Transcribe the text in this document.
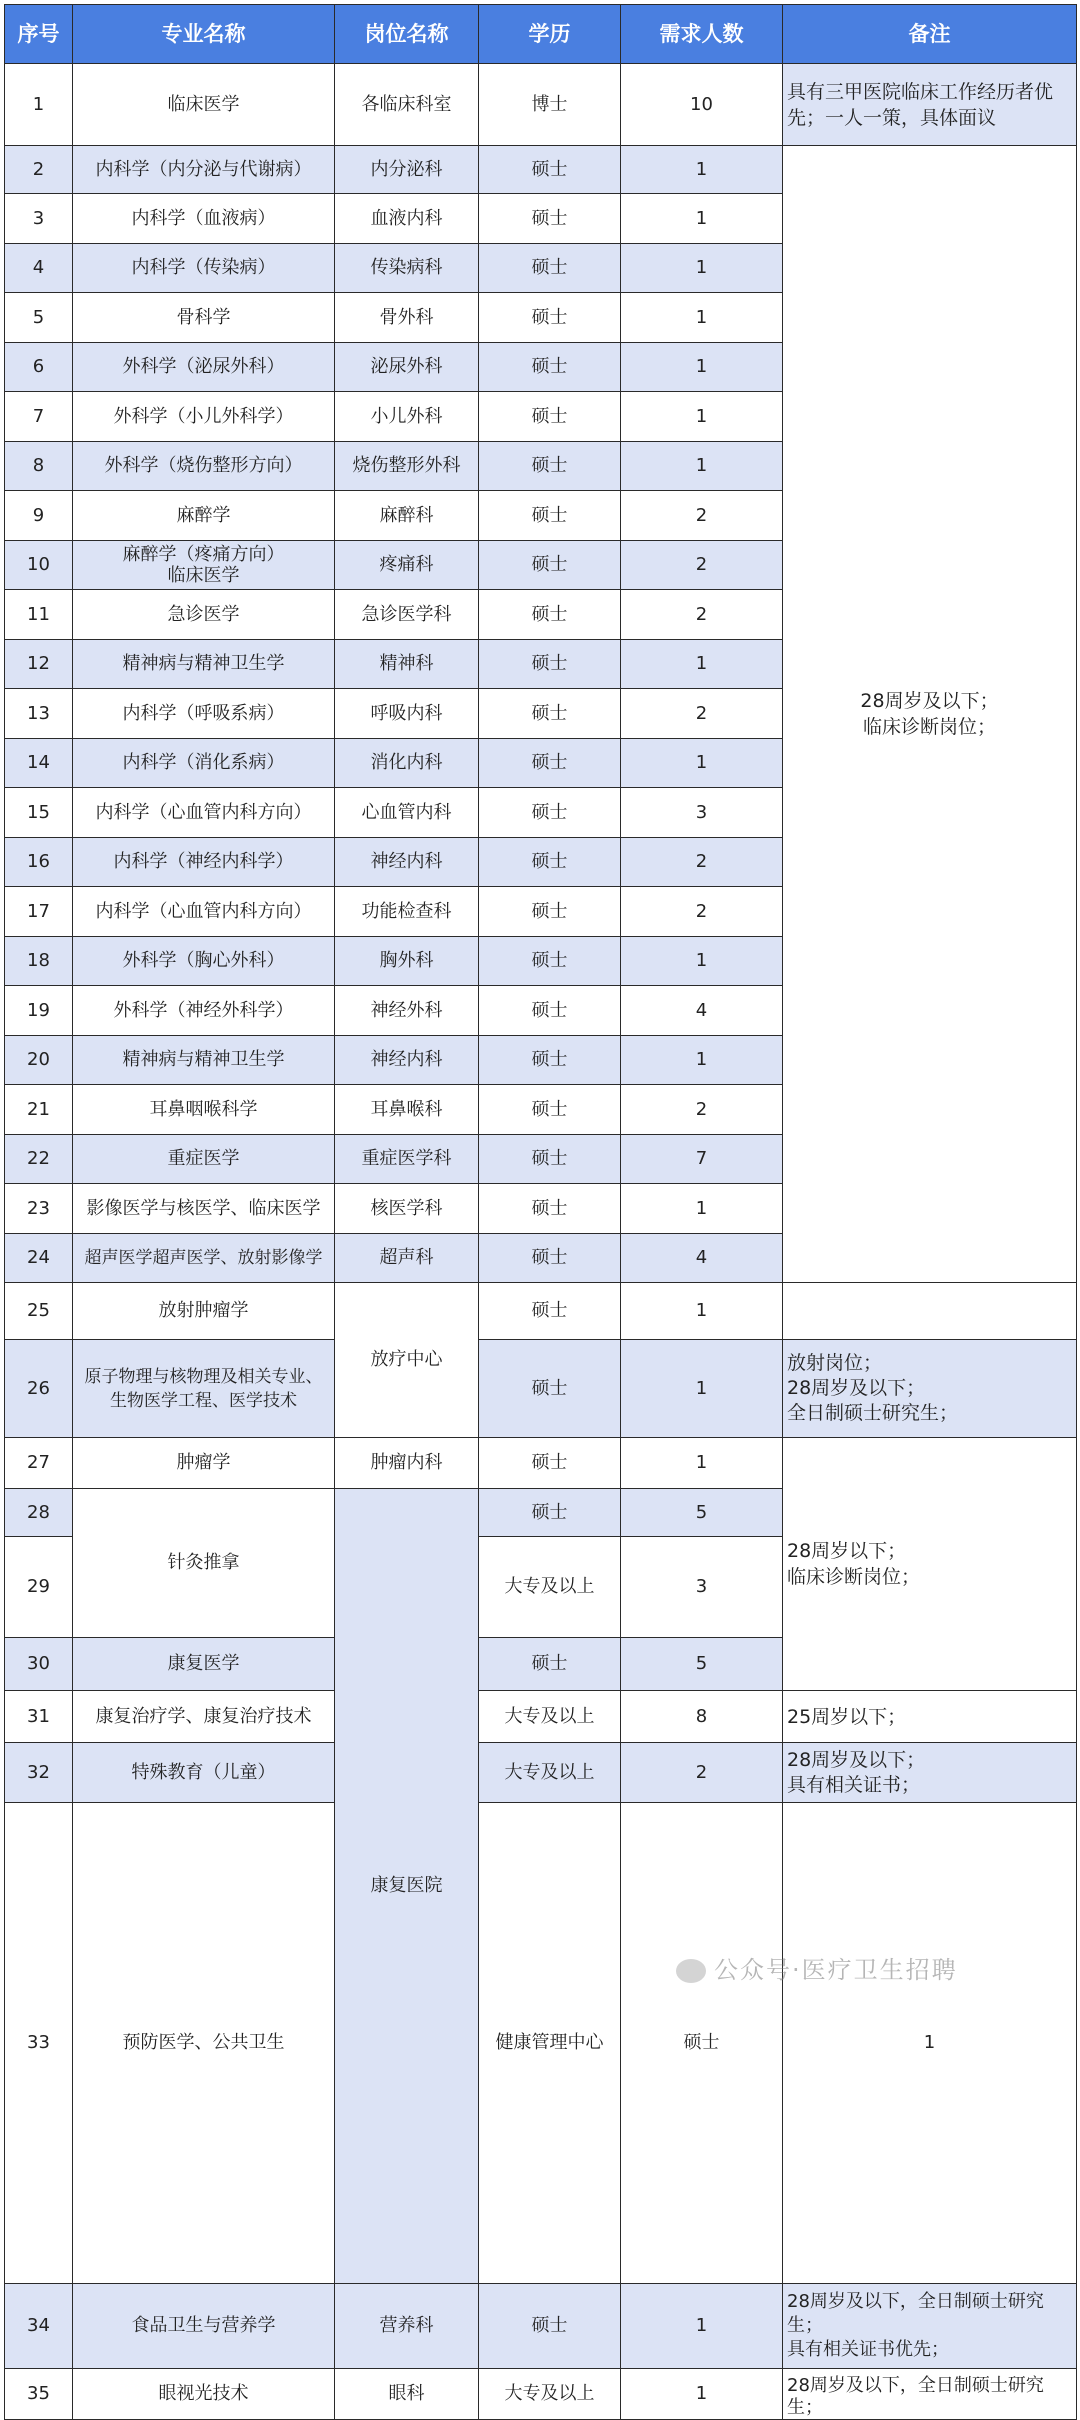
序号	专业名称	岗位名称	学历	需求人数	备注	
1	临床医学	各临床科室	博士	10	具有三甲医院临床工作经历者优先；一人一策，具体面议	
2	内科学（内分泌与代谢病）	内分泌科	硕士	1	28周岁及以下；
临床诊断岗位；	
3	内科学（血液病）	血液内科	硕士	1		
4	内科学（传染病）	传染病科	硕士	1		
5	骨科学	骨外科	硕士	1		
6	外科学（泌尿外科）	泌尿外科	硕士	1		
7	外科学（小儿外科学）	小儿外科	硕士	1		
8	外科学（烧伤整形方向）	烧伤整形外科	硕士	1		
9	麻醉学	麻醉科	硕士	2		
10	麻醉学（疼痛方向）
临床医学	疼痛科	硕士	2		
11	急诊医学	急诊医学科	硕士	2		
12	精神病与精神卫生学	精神科	硕士	1		
13	内科学（呼吸系病）	呼吸内科	硕士	2		
14	内科学（消化系病）	消化内科	硕士	1		
15	内科学（心血管内科方向）	心血管内科	硕士	3		
16	内科学（神经内科学）	神经内科	硕士	2		
17	内科学（心血管内科方向）	功能检查科	硕士	2		
18	外科学（胸心外科）	胸外科	硕士	1		
19	外科学（神经外科学）	神经外科	硕士	4		
20	精神病与精神卫生学	神经内科	硕士	1		
21	耳鼻咽喉科学	耳鼻喉科	硕士	2		
22	重症医学	重症医学科	硕士	7		
23	影像医学与核医学、临床医学	核医学科	硕士	1		
24	超声医学超声医学、放射影像学	超声科	硕士	4		
25	放射肿瘤学	放疗中心	硕士	1		
26	原子物理与核物理及相关专业、
生物医学工程、医学技术		硕士	1	放射岗位；
28周岁及以下；
全日制硕士研究生；	
27	肿瘤学	肿瘤内科	硕士	1	28周岁以下；
临床诊断岗位；	
28	针灸推拿	康复医院	硕士	5		
29			大专及以上	3		
30	康复医学		硕士	5		
31	康复治疗学、康复治疗技术		大专及以上	8	25周岁以下；	
32	特殊教育（儿童）		大专及以上	2	28周岁及以下；
具有相关证书；	
33	预防医学、公共卫生		健康管理中心	硕士	1	
34	食品卫生与营养学	营养科	硕士	1	28周岁及以下，全日制硕士研究生；
具有相关证书优先；	
35	眼视光技术	眼科	大专及以上	1	28周岁及以下，全日制硕士研究生；	
公众号·医疗卫生招聘
